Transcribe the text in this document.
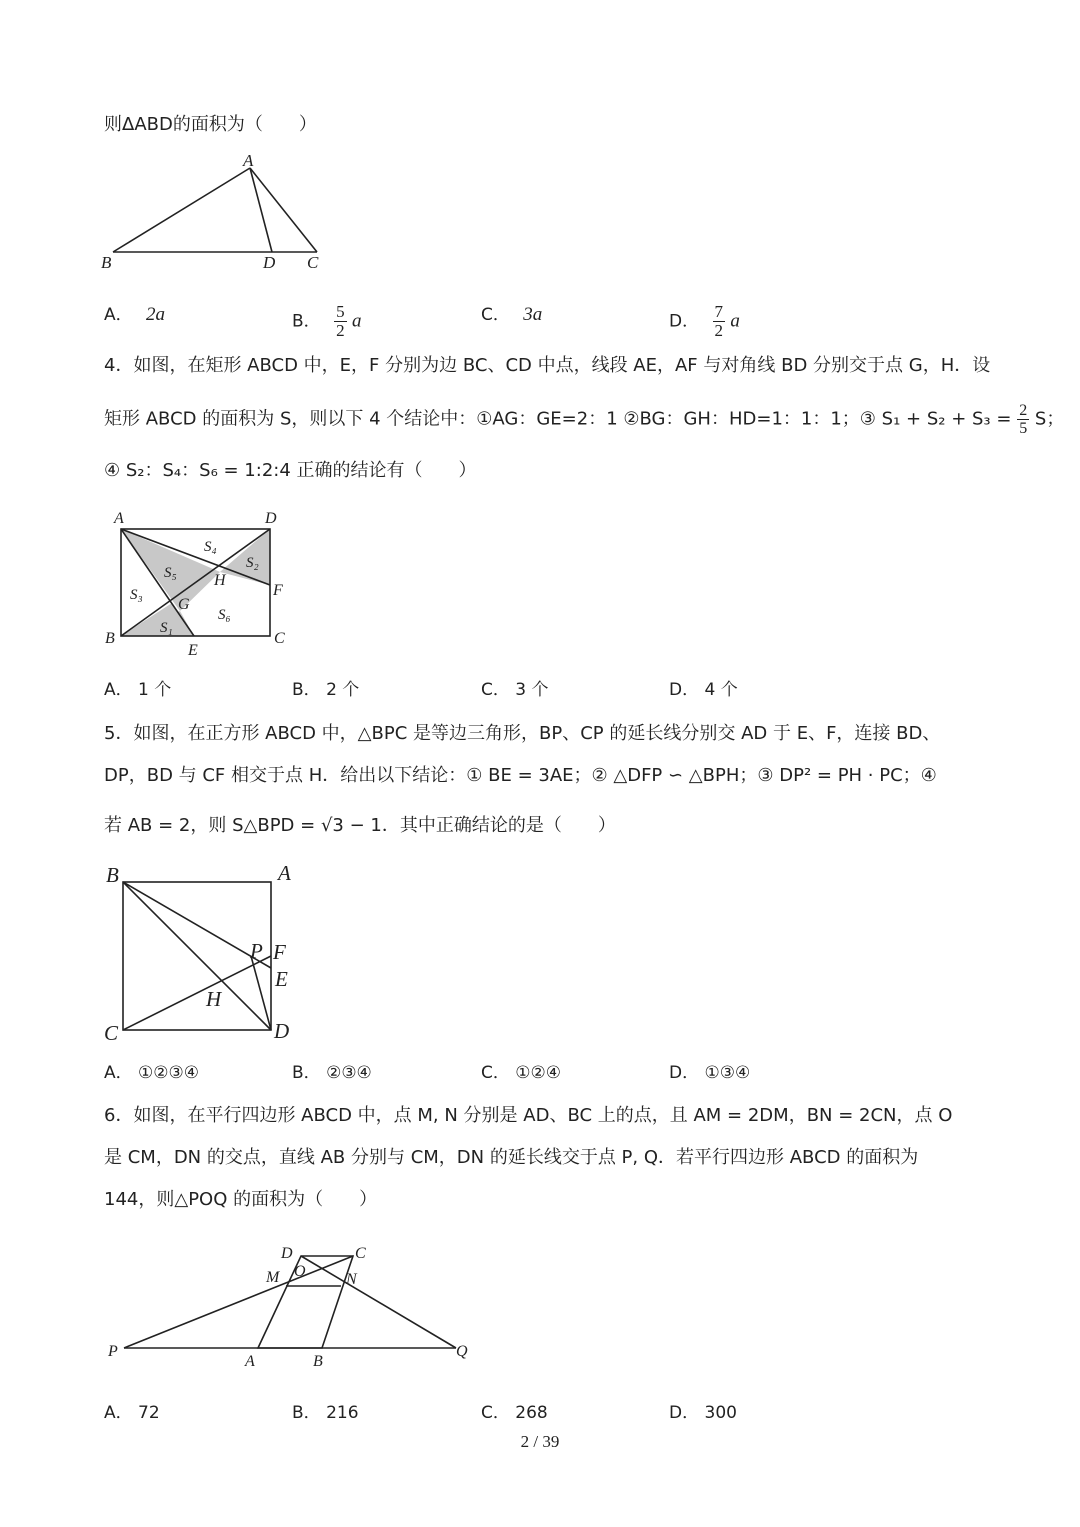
则ΔABD的面积为（　　）
A
B	D C
A． 2a	B． $\frac{5}{2}$ a	C． 3a	D． $\frac{7}{2}$ a
4．如图，在矩形 ABCD 中，E，F 分别为边 BC、CD 中点，线段 AE，AF 与对角线 BD 分别交于点 G，H．设
矩形 ABCD 的面积为 S，则以下 4 个结论中：①AG：GE=2：1 ②BG：GH：HD=1：1：1；③ $S_1 + S_2 + S_3 = \frac{2}{5}$ S；
④ S₂：S₄：S₆ = 1:2:4 正确的结论有（　　）
A	D
B	C
E
F
G
H
S₄
S₂
S₅
S₃
S₆
S₁
A． 1 个	B． 2 个	C． 3 个	D． 4 个
5．如图，在正方形 ABCD 中，△BPC 是等边三角形，BP、CP 的延长线分别交 AD 于 E、F，连接 BD、
DP，BD 与 CF 相交于点 H．给出以下结论：① BE = 3AE；② △DFP ∽ △BPH；③ DP² = PH · PC；④
若 AB = 2，则 S△BPD = √3 − 1．其中正确结论的是（　　）
B	A
C	D
P F
E
H
A． ①②③④	B． ②③④	C． ①②④	D． ①③④
6．如图，在平行四边形 ABCD 中，点 M, N 分别是 AD、BC 上的点，且 AM = 2DM，BN = 2CN，点 O
是 CM，DN 的交点，直线 AB 分别与 CM，DN 的延长线交于点 P, Q．若平行四边形 ABCD 的面积为
144，则△POQ 的面积为（　　）
D	C
M O	N
P
A	B
Q
A． 72	B． 216	C． 268	D． 300
2 / 39
